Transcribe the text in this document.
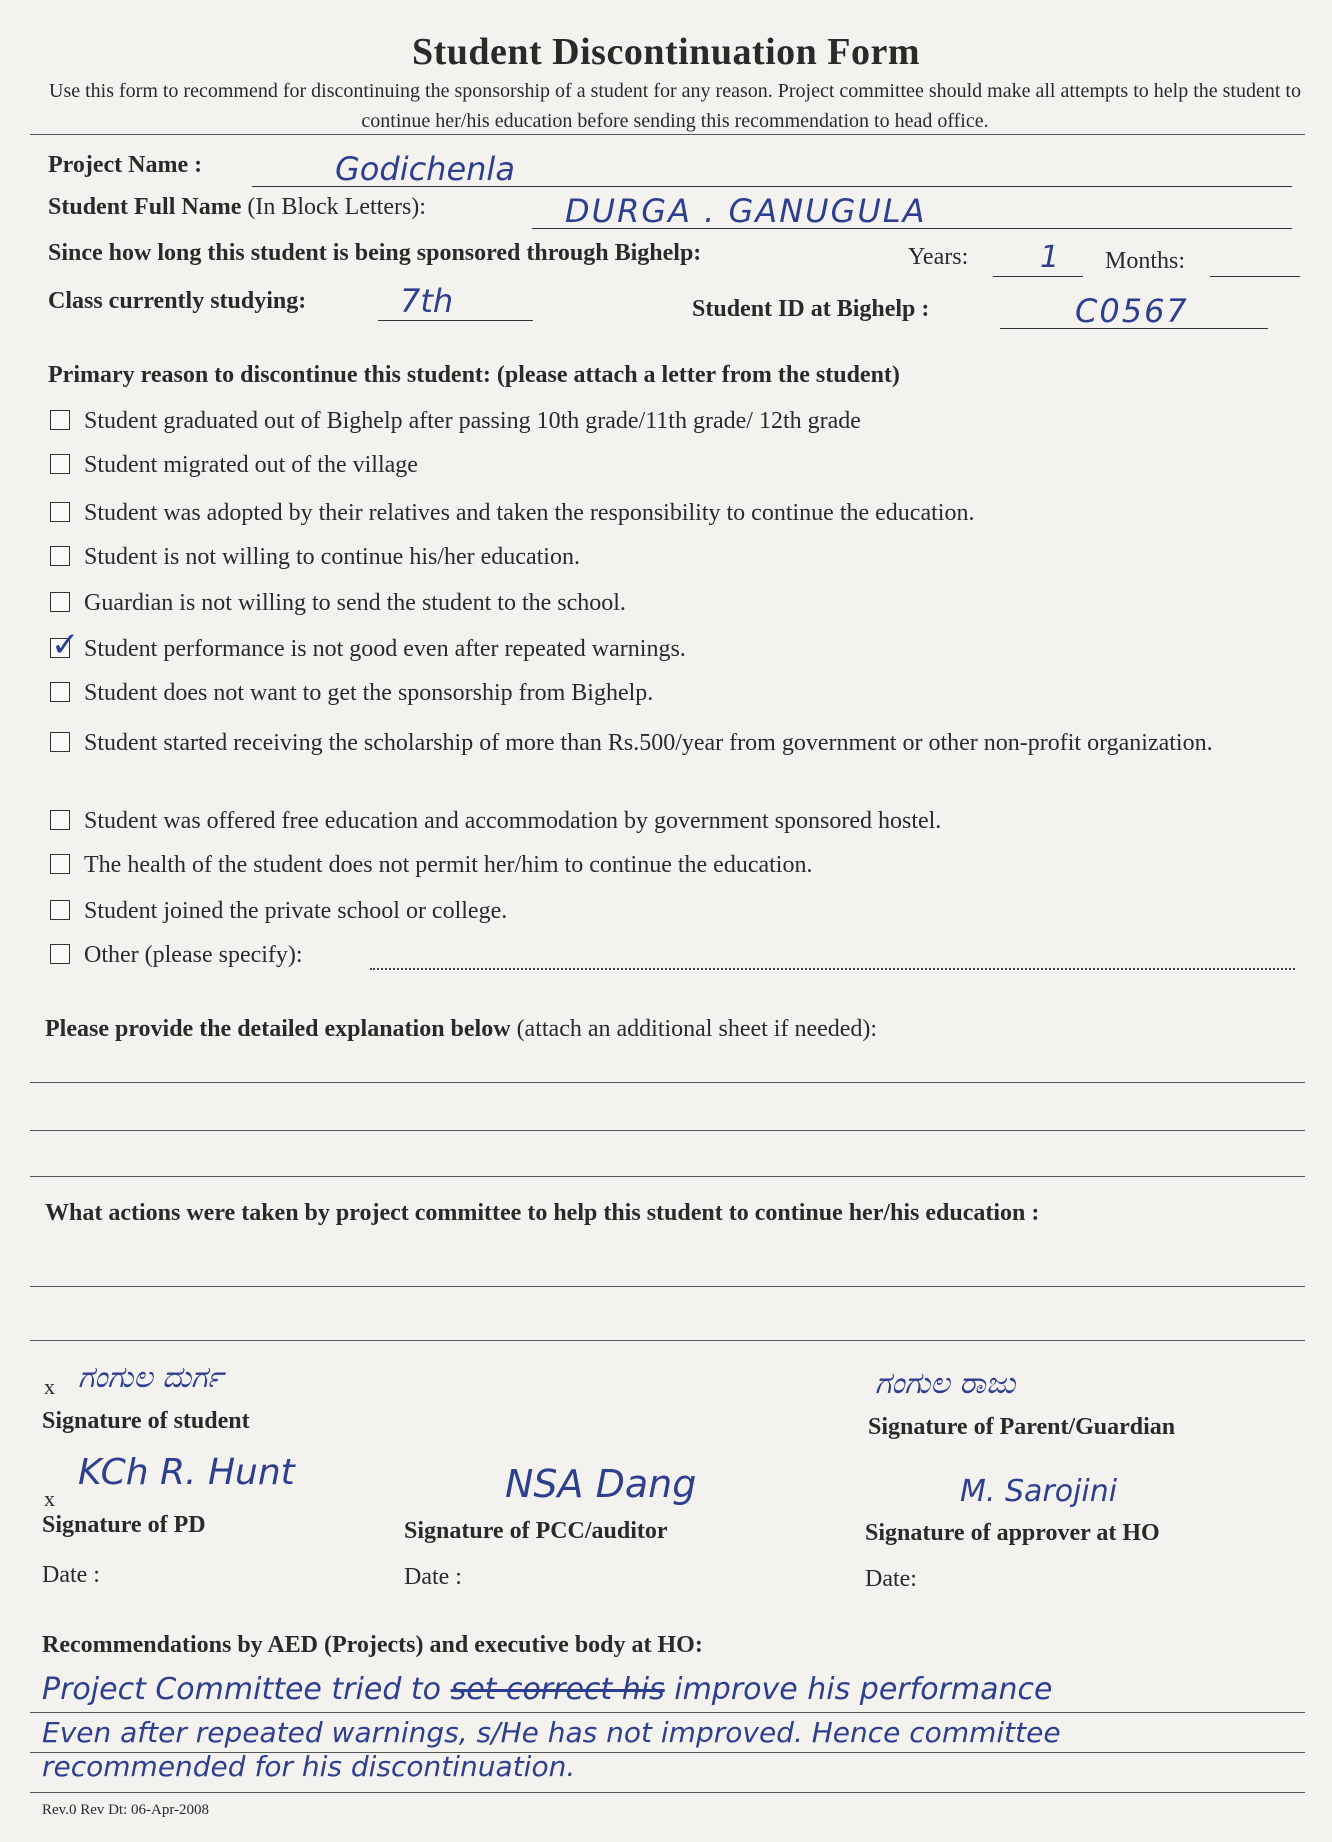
Student Discontinuation Form
Use this form to recommend for discontinuing the sponsorship of a student for any reason. Project committee should make all attempts to help the student to continue her/his education before sending this recommendation to head office.
Project Name :	Godichenla
Student Full Name (In Block Letters):	DURGA . GANUGULA
Since how long this student is being sponsored through Bighelp:	Years: 1 Months:
Class currently studying:	7th	Student ID at Bighelp :	C0567
Primary reason to discontinue this student: (please attach a letter from the student)
Student graduated out of Bighelp after passing 10th grade/11th grade/ 12th grade
Student migrated out of the village
Student was adopted by their relatives and taken the responsibility to continue the education.
Student is not willing to continue his/her education.
Guardian is not willing to send the student to the school.
✓
Student performance is not good even after repeated warnings.
Student does not want to get the sponsorship from Bighelp.
Student started receiving the scholarship of more than Rs.500/year from government or other non-profit organization.
Student was offered free education and accommodation by government sponsored hostel.
The health of the student does not permit her/him to continue the education.
Student joined the private school or college.
Other (please specify):
Please provide the detailed explanation below (attach an additional sheet if needed):
What actions were taken by project committee to help this student to continue her/his education :
x ಗಂಗುಲ ದುರ್ಗ
Signature of student
ಗಂಗುಲ ರಾಜು
Signature of Parent/Guardian
x
KCh R. Hunt
Signature of PD
NSA Dang
Signature of PCC/auditor
M. Sarojini
Signature of approver at HO
Date :	Date :	Date:
Recommendations by AED (Projects) and executive body at HO:
Project Committee tried to set correct his improve his performance
Even after repeated warnings, s/He has not improved. Hence committee
recommended for his discontinuation.
Rev.0 Rev Dt: 06-Apr-2008
